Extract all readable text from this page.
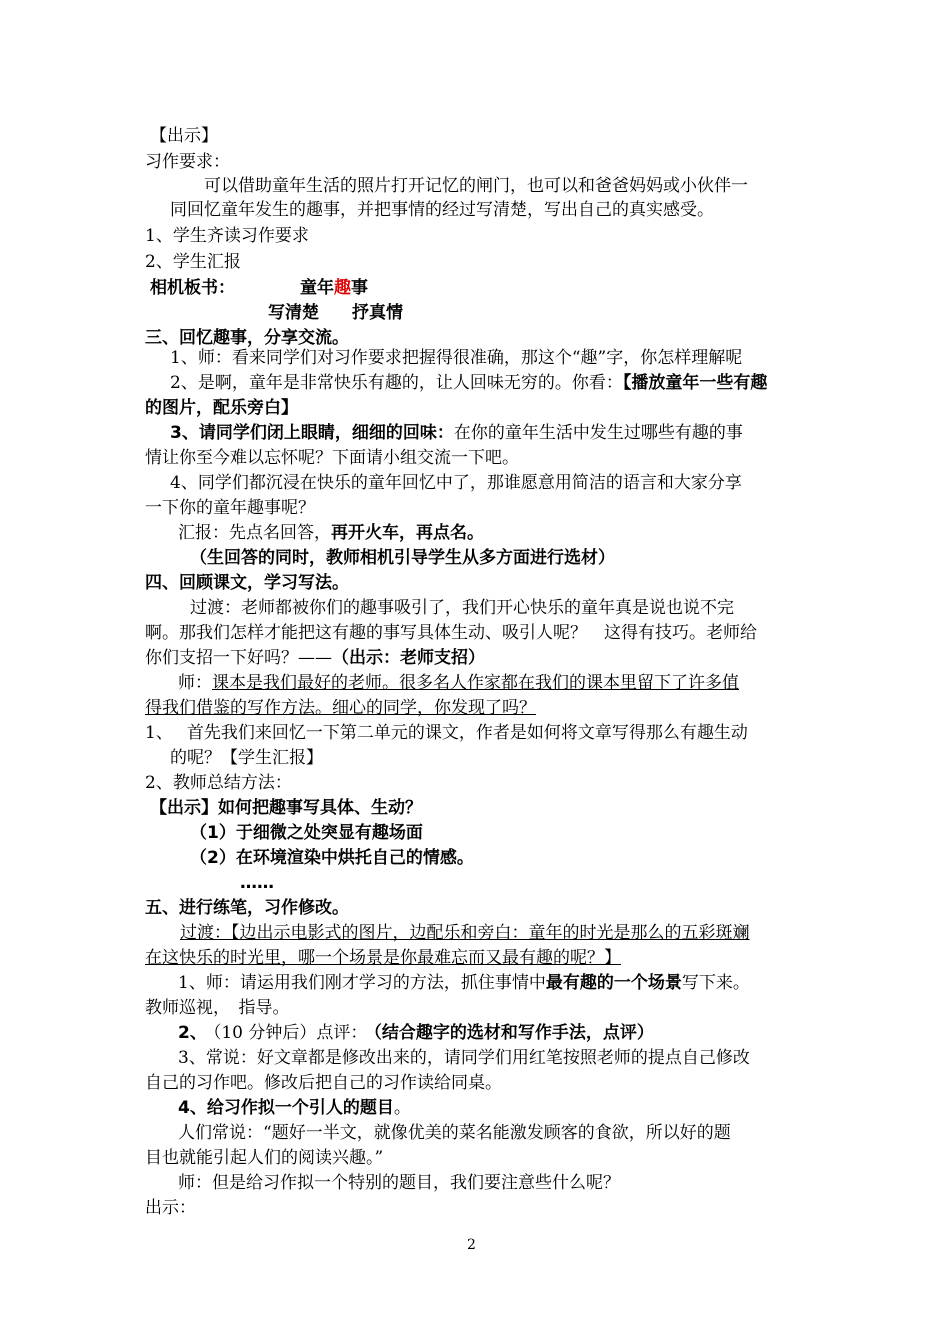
【出示】
习作要求：
可以借助童年生活的照片打开记忆的闸门，也可以和爸爸妈妈或小伙伴一
同回忆童年发生的趣事，并把事情的经过写清楚，写出自己的真实感受。
1、学生齐读习作要求
2、学生汇报
相机板书：	童年趣事
写清楚 抒真情
三、回忆趣事，分享交流。
1、师：看来同学们对习作要求把握得很准确，那这个“趣”字，你怎样理解呢
2、是啊，童年是非常快乐有趣的，让人回味无穷的。你看：【播放童年一些有趣
的图片，配乐旁白】
3、请同学们闭上眼睛，细细的回味：在你的童年生活中发生过哪些有趣的事
情让你至今难以忘怀呢？下面请小组交流一下吧。
4、同学们都沉浸在快乐的童年回忆中了，那谁愿意用简洁的语言和大家分享
一下你的童年趣事呢？
汇报：先点名回答，再开火车，再点名。
（生回答的同时，教师相机引导学生从多方面进行选材）
四、回顾课文，学习写法。
过渡：老师都被你们的趣事吸引了，我们开心快乐的童年真是说也说不完
啊。那我们怎样才能把这有趣的事写具体生动、吸引人呢？　这得有技巧。老师给
你们支招一下好吗？——（出示：老师支招）
师：课本是我们最好的老师。很多名人作家都在我们的课本里留下了许多值
得我们借鉴的写作方法。细心的同学，你发现了吗？
1、 首先我们来回忆一下第二单元的课文，作者是如何将文章写得那么有趣生动
的呢？【学生汇报】
2、教师总结方法：
【出示】如何把趣事写具体、生动？
（1）于细微之处突显有趣场面
（2）在环境渲染中烘托自己的情感。
……
五、进行练笔，习作修改。
过渡：【边出示电影式的图片，边配乐和旁白：童年的时光是那么的五彩斑斓
在这快乐的时光里，哪一个场景是你最难忘而又最有趣的呢？】
1、师：请运用我们刚才学习的方法，抓住事情中最有趣的一个场景写下来。
教师巡视，　指导。
2、 （10 分钟后）点评： （结合趣字的选材和写作手法，点评）
3、常说：好文章都是修改出来的，请同学们用红笔按照老师的提点自己修改
自己的习作吧。修改后把自己的习作读给同桌。
4、给习作拟一个引人的题目。
人们常说：“题好一半文，就像优美的菜名能激发顾客的食欲，所以好的题
目也就能引起人们的阅读兴趣。”
师：但是给习作拟一个特别的题目，我们要注意些什么呢？
出示：
2
